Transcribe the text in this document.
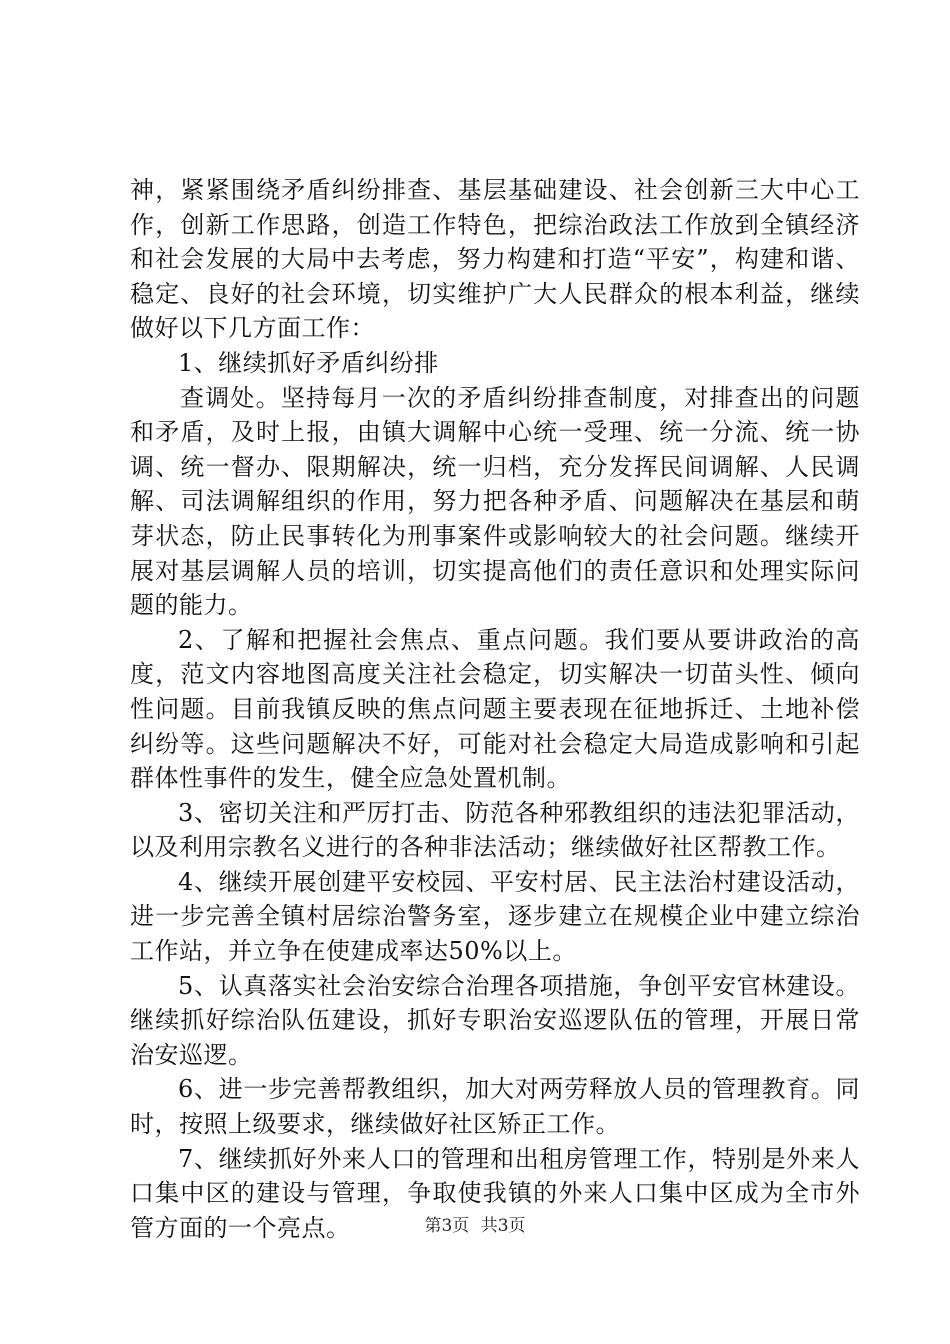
神，紧紧围绕矛盾纠纷排查、基层基础建设、社会创新三大中心工作，创新工作思路，创造工作特色，把综治政法工作放到全镇经济和社会发展的大局中去考虑，努力构建和打造“平安”，构建和谐、稳定、良好的社会环境，切实维护广大人民群众的根本利益，继续做好以下几方面工作：

1、继续抓好矛盾纠纷排

查调处。坚持每月一次的矛盾纠纷排查制度，对排查出的问题和矛盾，及时上报，由镇大调解中心统一受理、统一分流、统一协调、统一督办、限期解决，统一归档，充分发挥民间调解、人民调解、司法调解组织的作用，努力把各种矛盾、问题解决在基层和萌芽状态，防止民事转化为刑事案件或影响较大的社会问题。继续开展对基层调解人员的培训，切实提高他们的责任意识和处理实际问题的能力。

2、了解和把握社会焦点、重点问题。我们要从要讲政治的高度，范文内容地图高度关注社会稳定，切实解决一切苗头性、倾向性问题。目前我镇反映的焦点问题主要表现在征地拆迁、土地补偿纠纷等。这些问题解决不好，可能对社会稳定大局造成影响和引起群体性事件的发生，健全应急处置机制。

3、密切关注和严厉打击、防范各种邪教组织的违法犯罪活动，以及利用宗教名义进行的各种非法活动；继续做好社区帮教工作。

4、继续开展创建平安校园、平安村居、民主法治村建设活动，进一步完善全镇村居综治警务室，逐步建立在规模企业中建立综治工作站，并立争在使建成率达50%以上。

5、认真落实社会治安综合治理各项措施，争创平安官林建设。继续抓好综治队伍建设，抓好专职治安巡逻队伍的管理，开展日常治安巡逻。

6、进一步完善帮教组织，加大对两劳释放人员的管理教育。同时，按照上级要求，继续做好社区矫正工作。

7、继续抓好外来人口的管理和出租房管理工作，特别是外来人口集中区的建设与管理，争取使我镇的外来人口集中区成为全市外管方面的一个亮点。	第3页 共3页
